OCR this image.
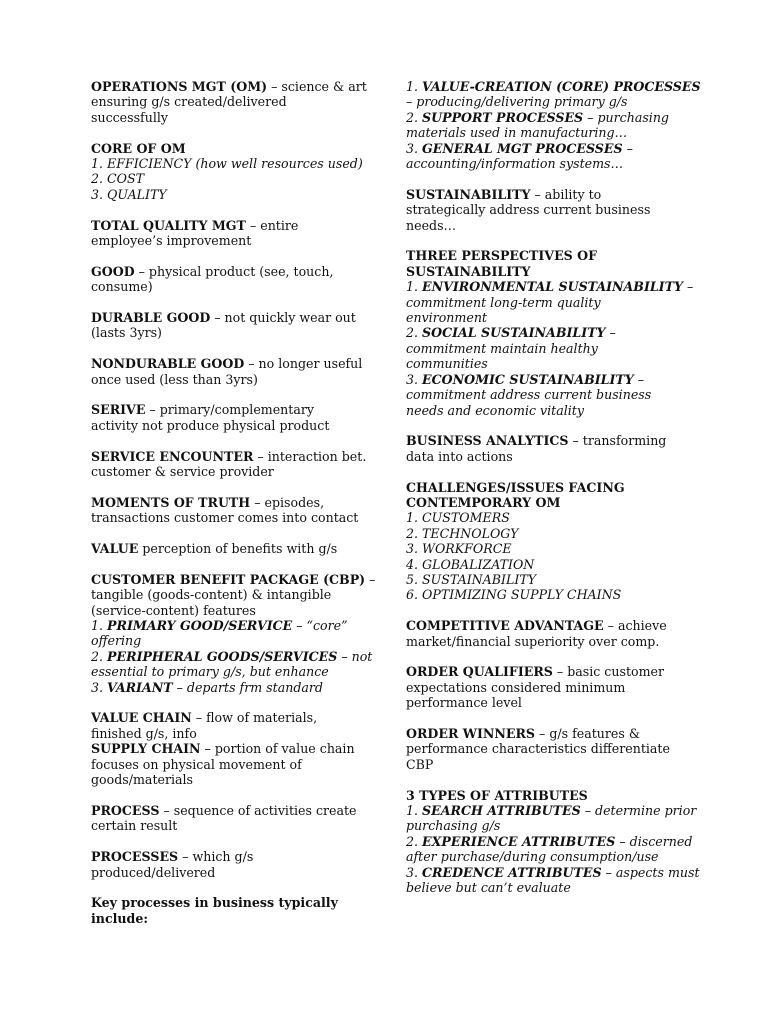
OPERATIONS MGT (OM) – science & art
ensuring g/s created/delivered
successfully
CORE OF OM
1. EFFICIENCY (how well resources used)
2. COST
3. QUALITY
TOTAL QUALITY MGT – entire
employee’s improvement
GOOD – physical product (see, touch,
consume)
DURABLE GOOD – not quickly wear out
(lasts 3yrs)
NONDURABLE GOOD – no longer useful
once used (less than 3yrs)
SERIVE – primary/complementary
activity not produce physical product
SERVICE ENCOUNTER – interaction bet.
customer & service provider
MOMENTS OF TRUTH – episodes,
transactions customer comes into contact
VALUE perception of benefits with g/s
CUSTOMER BENEFIT PACKAGE (CBP) –
tangible (goods-content) & intangible
(service-content) features
1. PRIMARY GOOD/SERVICE – “core”
offering
2. PERIPHERAL GOODS/SERVICES – not
essential to primary g/s, but enhance
3. VARIANT – departs frm standard
VALUE CHAIN – flow of materials,
finished g/s, info
SUPPLY CHAIN – portion of value chain
focuses on physical movement of
goods/materials
PROCESS – sequence of activities create
certain result
PROCESSES – which g/s
produced/delivered
Key processes in business typically
include:
1. VALUE-CREATION (CORE) PROCESSES
– producing/delivering primary g/s
2. SUPPORT PROCESSES – purchasing
materials used in manufacturing…
3. GENERAL MGT PROCESSES –
accounting/information systems…
SUSTAINABILITY – ability to
strategically address current business
needs…
THREE PERSPECTIVES OF
SUSTAINABILITY
1. ENVIRONMENTAL SUSTAINABILITY –
commitment long-term quality
environment
2. SOCIAL SUSTAINABILITY –
commitment maintain healthy
communities
3. ECONOMIC SUSTAINABILITY –
commitment address current business
needs and economic vitality
BUSINESS ANALYTICS – transforming
data into actions
CHALLENGES/ISSUES FACING
CONTEMPORARY OM
1. CUSTOMERS
2. TECHNOLOGY
3. WORKFORCE
4. GLOBALIZATION
5. SUSTAINABILITY
6. OPTIMIZING SUPPLY CHAINS
COMPETITIVE ADVANTAGE – achieve
market/financial superiority over comp.
ORDER QUALIFIERS – basic customer
expectations considered minimum
performance level
ORDER WINNERS – g/s features &
performance characteristics differentiate
CBP
3 TYPES OF ATTRIBUTES
1. SEARCH ATTRIBUTES – determine prior
purchasing g/s
2. EXPERIENCE ATTRIBUTES – discerned
after purchase/during consumption/use
3. CREDENCE ATTRIBUTES – aspects must
believe but can’t evaluate
